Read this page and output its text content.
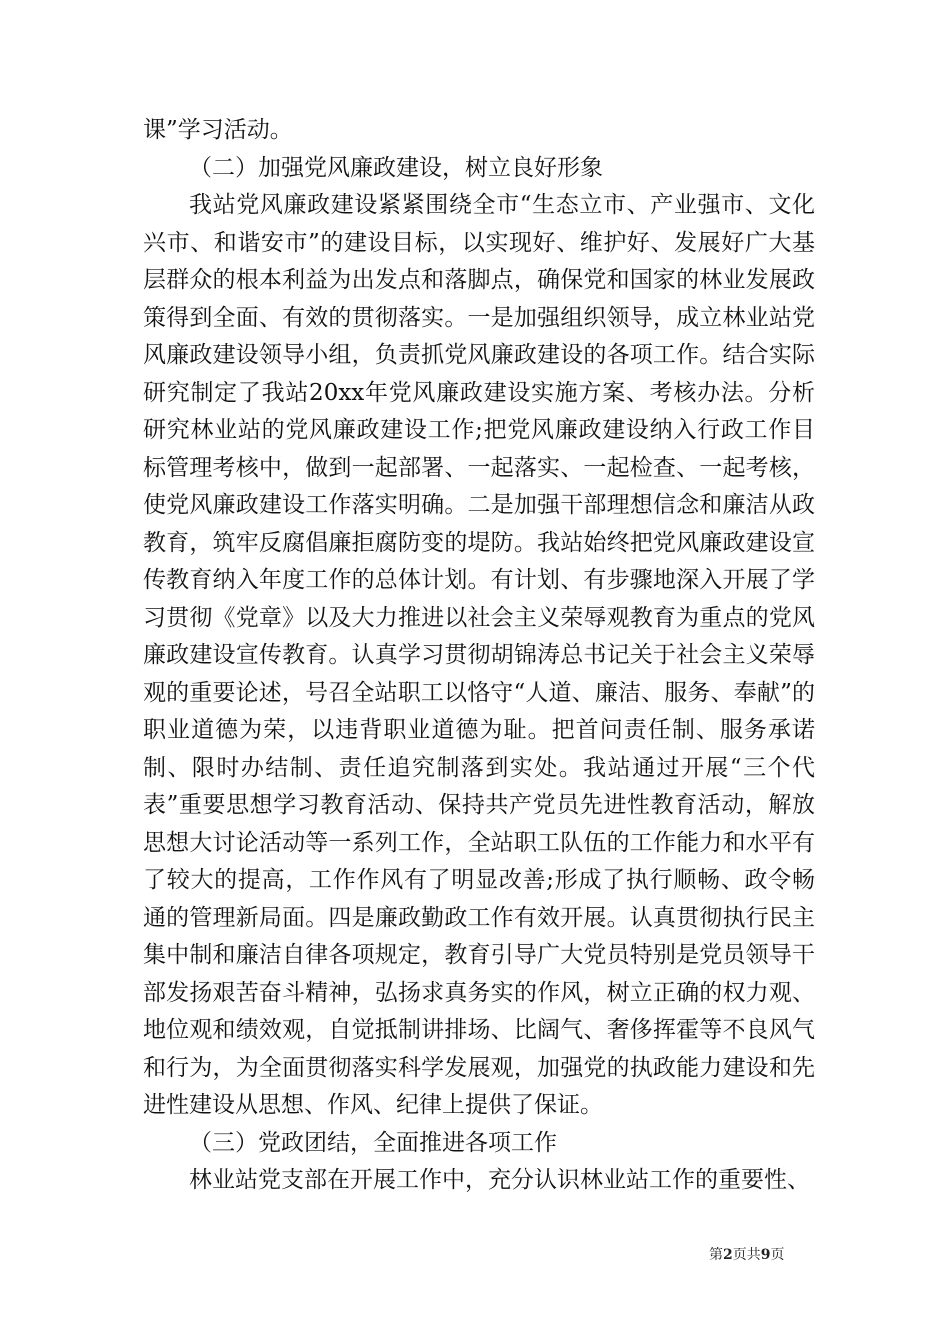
课”学习活动。

（二）加强党风廉政建设，树立良好形象

我站党风廉政建设紧紧围绕全市“生态立市、产业强市、文化兴市、和谐安市”的建设目标，以实现好、维护好、发展好广大基层群众的根本利益为出发点和落脚点，确保党和国家的林业发展政策得到全面、有效的贯彻落实。一是加强组织领导，成立林业站党风廉政建设领导小组，负责抓党风廉政建设的各项工作。结合实际研究制定了我站20xx年党风廉政建设实施方案、考核办法。分析研究林业站的党风廉政建设工作;把党风廉政建设纳入行政工作目标管理考核中，做到一起部署、一起落实、一起检查、一起考核，使党风廉政建设工作落实明确。二是加强干部理想信念和廉洁从政教育，筑牢反腐倡廉拒腐防变的堤防。我站始终把党风廉政建设宣传教育纳入年度工作的总体计划。有计划、有步骤地深入开展了学习贯彻《党章》以及大力推进以社会主义荣辱观教育为重点的党风廉政建设宣传教育。认真学习贯彻胡锦涛总书记关于社会主义荣辱观的重要论述，号召全站职工以恪守“人道、廉洁、服务、奉献”的职业道德为荣，以违背职业道德为耻。把首问责任制、服务承诺制、限时办结制、责任追究制落到实处。我站通过开展“三个代表”重要思想学习教育活动、保持共产党员先进性教育活动，解放思想大讨论活动等一系列工作，全站职工队伍的工作能力和水平有了较大的提高，工作作风有了明显改善;形成了执行顺畅、政令畅通的管理新局面。四是廉政勤政工作有效开展。认真贯彻执行民主集中制和廉洁自律各项规定，教育引导广大党员特别是党员领导干部发扬艰苦奋斗精神，弘扬求真务实的作风，树立正确的权力观、地位观和绩效观，自觉抵制讲排场、比阔气、奢侈挥霍等不良风气和行为，为全面贯彻落实科学发展观，加强党的执政能力建设和先进性建设从思想、作风、纪律上提供了保证。

（三）党政团结，全面推进各项工作

林业站党支部在开展工作中，充分认识林业站工作的重要性、

第2页共9页
